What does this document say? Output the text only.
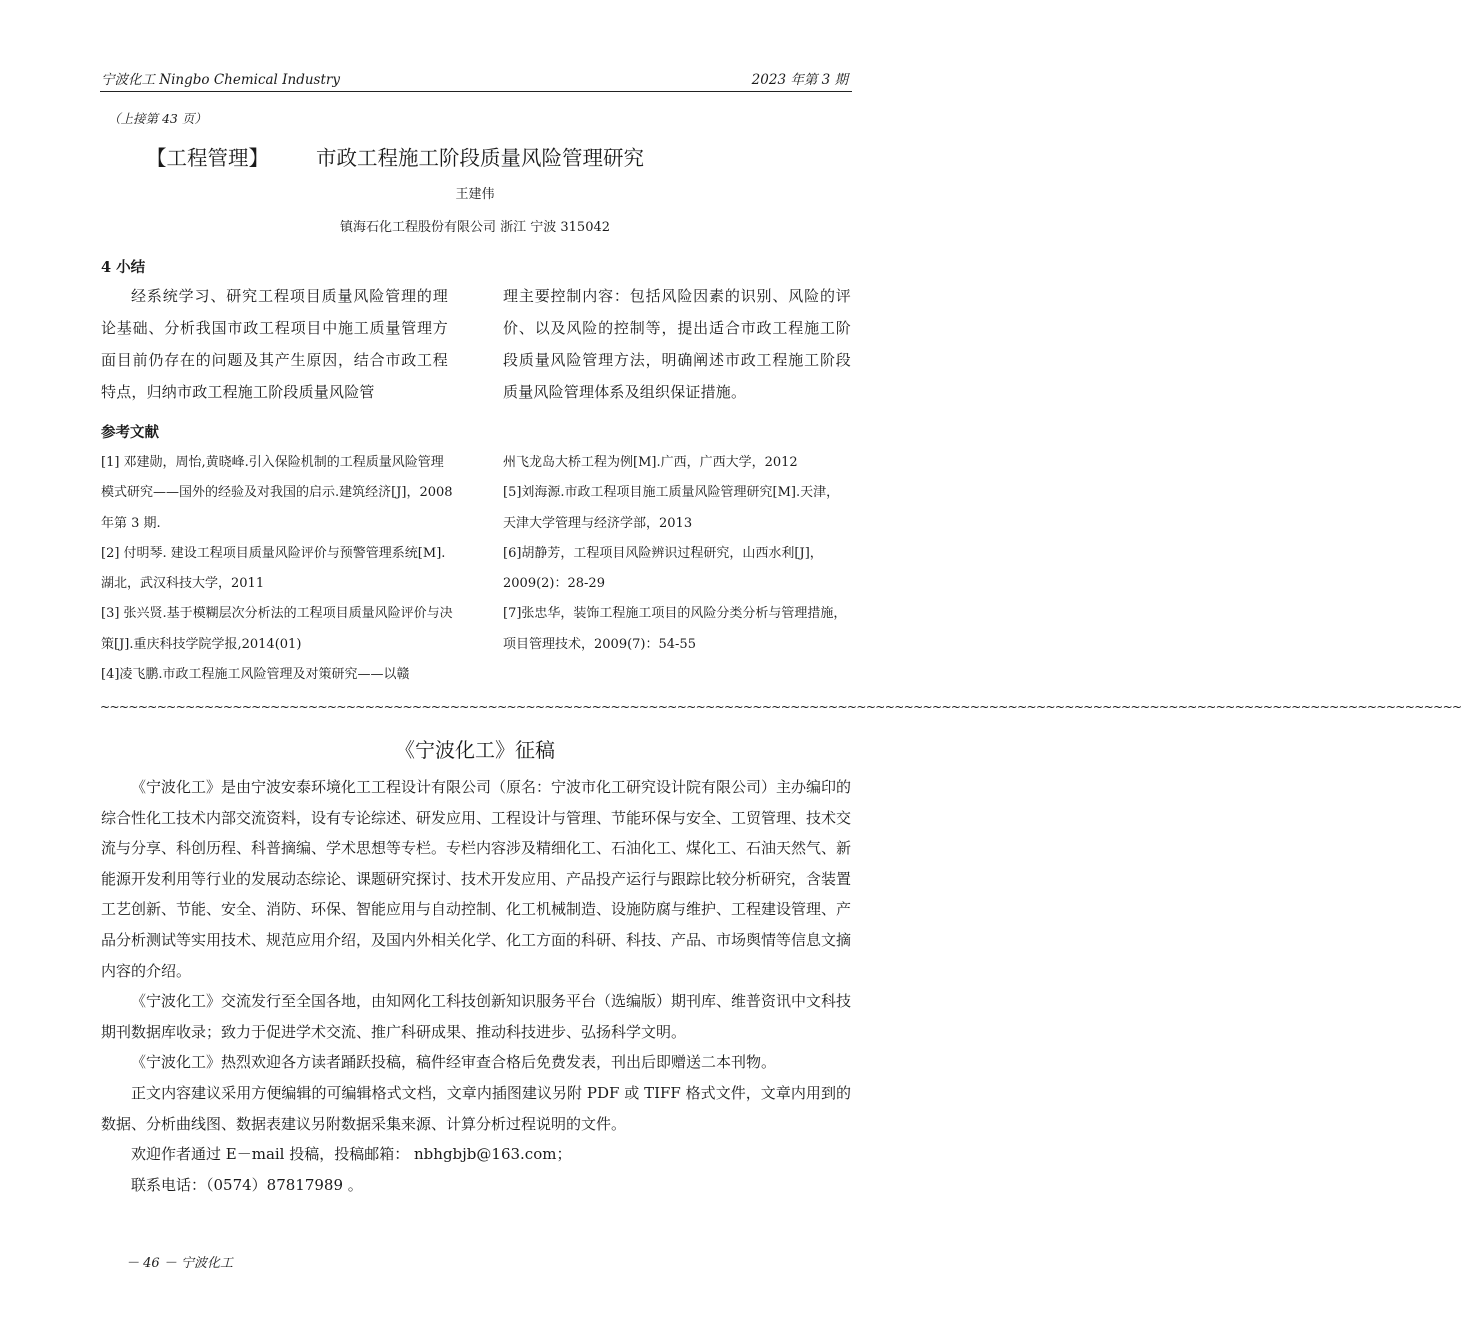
宁波化工 Ningbo Chemical Industry	2023 年第 3 期
（上接第 43 页）
【工程管理】 市政工程施工阶段质量风险管理研究
王建伟
镇海石化工程股份有限公司 浙江 宁波 315042
4 小结
经系统学习、研究工程项目质量风险管理的理论基础、分析我国市政工程项目中施工质量管理方面目前仍存在的问题及其产生原因，结合市政工程特点，归纳市政工程施工阶段质量风险管
理主要控制内容：包括风险因素的识别、风险的评价、以及风险的控制等，提出适合市政工程施工阶段质量风险管理方法，明确阐述市政工程施工阶段质量风险管理体系及组织保证措施。
参考文献
[1] 邓建勋，周怡,黄晓峰.引入保险机制的工程质量风险管理模式研究——国外的经验及对我国的启示.建筑经济[J]，2008 年第 3 期.
[2] 付明琴. 建设工程项目质量风险评价与预警管理系统[M].湖北，武汉科技大学，2011
[3] 张兴贤.基于模糊层次分析法的工程项目质量风险评价与决策[J].重庆科技学院学报,2014(01)
[4]凌飞鹏.市政工程施工风险管理及对策研究——以赣
州飞龙岛大桥工程为例[M].广西，广西大学，2012
[5]刘海源.市政工程项目施工质量风险管理研究[M].天津，天津大学管理与经济学部，2013
[6]胡静芳，工程项目风险辨识过程研究，山西水利[J]，2009(2)：28-29
[7]张忠华，装饰工程施工项目的风险分类分析与管理措施，项目管理技术，2009(7)：54-55
~~~~~~~~~~~~~~~~~~~~~~~~~~~~~~~~~~~~~~~~~~~~~~~~~~~~~~~~~~~~~~~~~~~~~~~~~~~~~~~~~~~~~~~~~~~~~~~~~~~~~~~~~~~~~~~~~~~~~~~~~~~~~~~~~~~~~~~~~~~~~~~~
《宁波化工》征稿

《宁波化工》是由宁波安泰环境化工工程设计有限公司（原名：宁波市化工研究设计院有限公司）主办编印的综合性化工技术内部交流资料，设有专论综述、研发应用、工程设计与管理、节能环保与安全、工贸管理、技术交流与分享、科创历程、科普摘编、学术思想等专栏。专栏内容涉及精细化工、石油化工、煤化工、石油天然气、新能源开发利用等行业的发展动态综论、课题研究探讨、技术开发应用、产品投产运行与跟踪比较分析研究，含装置工艺创新、节能、安全、消防、环保、智能应用与自动控制、化工机械制造、设施防腐与维护、工程建设管理、产品分析测试等实用技术、规范应用介绍，及国内外相关化学、化工方面的科研、科技、产品、市场舆情等信息文摘内容的介绍。

《宁波化工》交流发行至全国各地，由知网化工科技创新知识服务平台（选编版）期刊库、维普资讯中文科技期刊数据库收录；致力于促进学术交流、推广科研成果、推动科技进步、弘扬科学文明。

《宁波化工》热烈欢迎各方读者踊跃投稿，稿件经审查合格后免费发表，刊出后即赠送二本刊物。

正文内容建议采用方便编辑的可编辑格式文档，文章内插图建议另附 PDF 或 TIFF 格式文件，文章内用到的数据、分析曲线图、数据表建议另附数据采集来源、计算分析过程说明的文件。

欢迎作者通过 E－mail 投稿，投稿邮箱： nbhgbjb@163.com；

联系电话：（0574）87817989 。

－ 46 － 宁波化工
